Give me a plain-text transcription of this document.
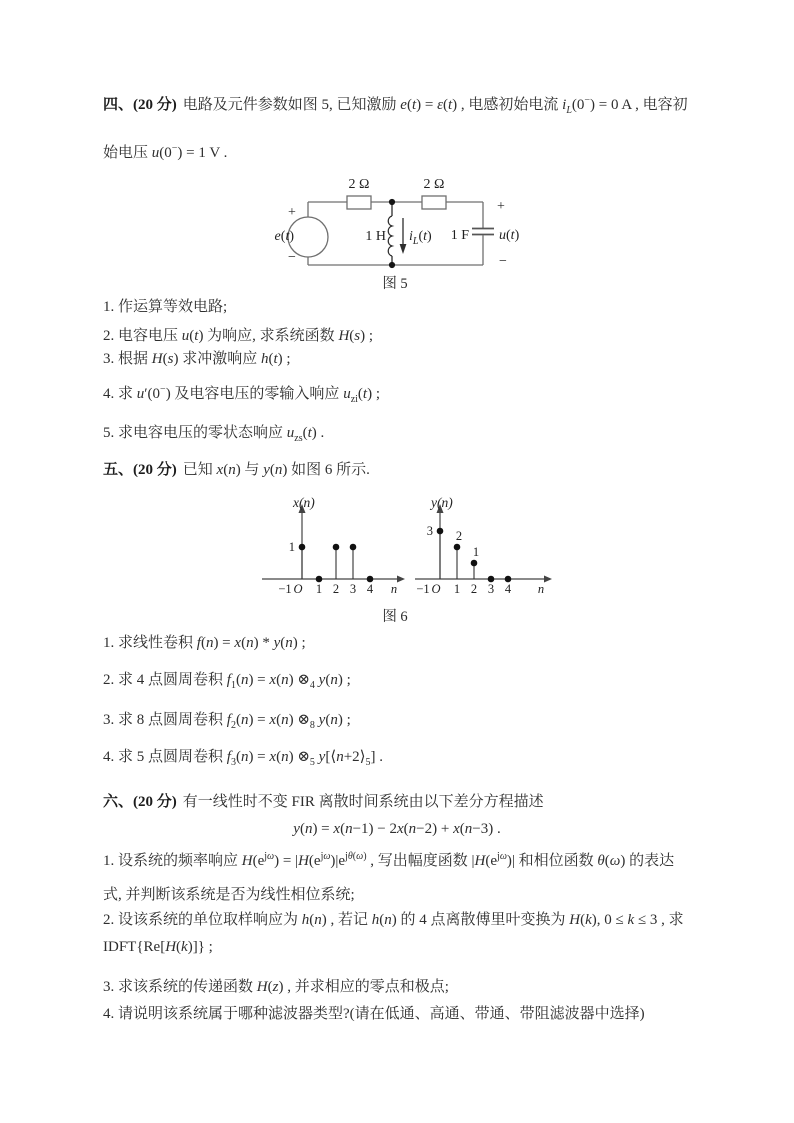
四、(20 分) 电路及元件参数如图 5, 已知激励 e(t) = ε(t) , 电感初始电流 $i_L(0^-) = 0$ A , 电容初
始电压 u(0−) = 1 V .
e(t)
+
−
2 Ω	2 Ω
1 H $i_L(t)$	1 F u(t)
+
−
图 5
1. 作运算等效电路;
2. 电容电压 u(t) 为响应, 求系统函数 H(s) ;
3. 根据 H(s) 求冲激响应 h(t) ;
4. 求 u′(0−) 及电容电压的零输入响应 $u_{zi}(t)$ ;
5. 求电容电压的零状态响应 $u_{zs}(t)$ .
五、(20 分) 已知 x(n) 与 y(n) 如图 6 所示.
−1 O 1 2 3 4 n
1
x(n)
−1 O 1 2 3 4 n
3 2
1
y(n)
图 6
1. 求线性卷积 f(n) = x(n) * y(n) ;
2. 求 4 点圆周卷积 $f_1(n) = x(n)$ $\otimes_4$ y(n) ;
3. 求 8 点圆周卷积 $f_2(n) = x(n)$ $\otimes_8$ y(n) ;
4. 求 5 点圆周卷积 $f_3(n) = x(n)$ $\otimes_5$ $y[⟨n+2⟩_5]$ .
六、(20 分) 有一线性时不变 FIR 离散时间系统由以下差分方程描述
y(n) = x(n−1) − 2x(n−2) + x(n−3) .
1. 设系统的频率响应 $H(e^{j\omega}) = |H(e^{j\omega})|e^{j\theta(\omega)}$ , 写出幅度函数 $|H(e^{j\omega})|$ 和相位函数 θ(ω) 的表达
式, 并判断该系统是否为线性相位系统;
2. 设该系统的单位取样响应为 h(n) , 若记 h(n) 的 4 点离散傅里叶变换为 H(k), 0 ≤ k ≤ 3 , 求
IDFT{Re[H(k)]} ;
3. 求该系统的传递函数 H(z) , 并求相应的零点和极点;
4. 请说明该系统属于哪种滤波器类型?(请在低通、高通、带通、带阻滤波器中选择)
